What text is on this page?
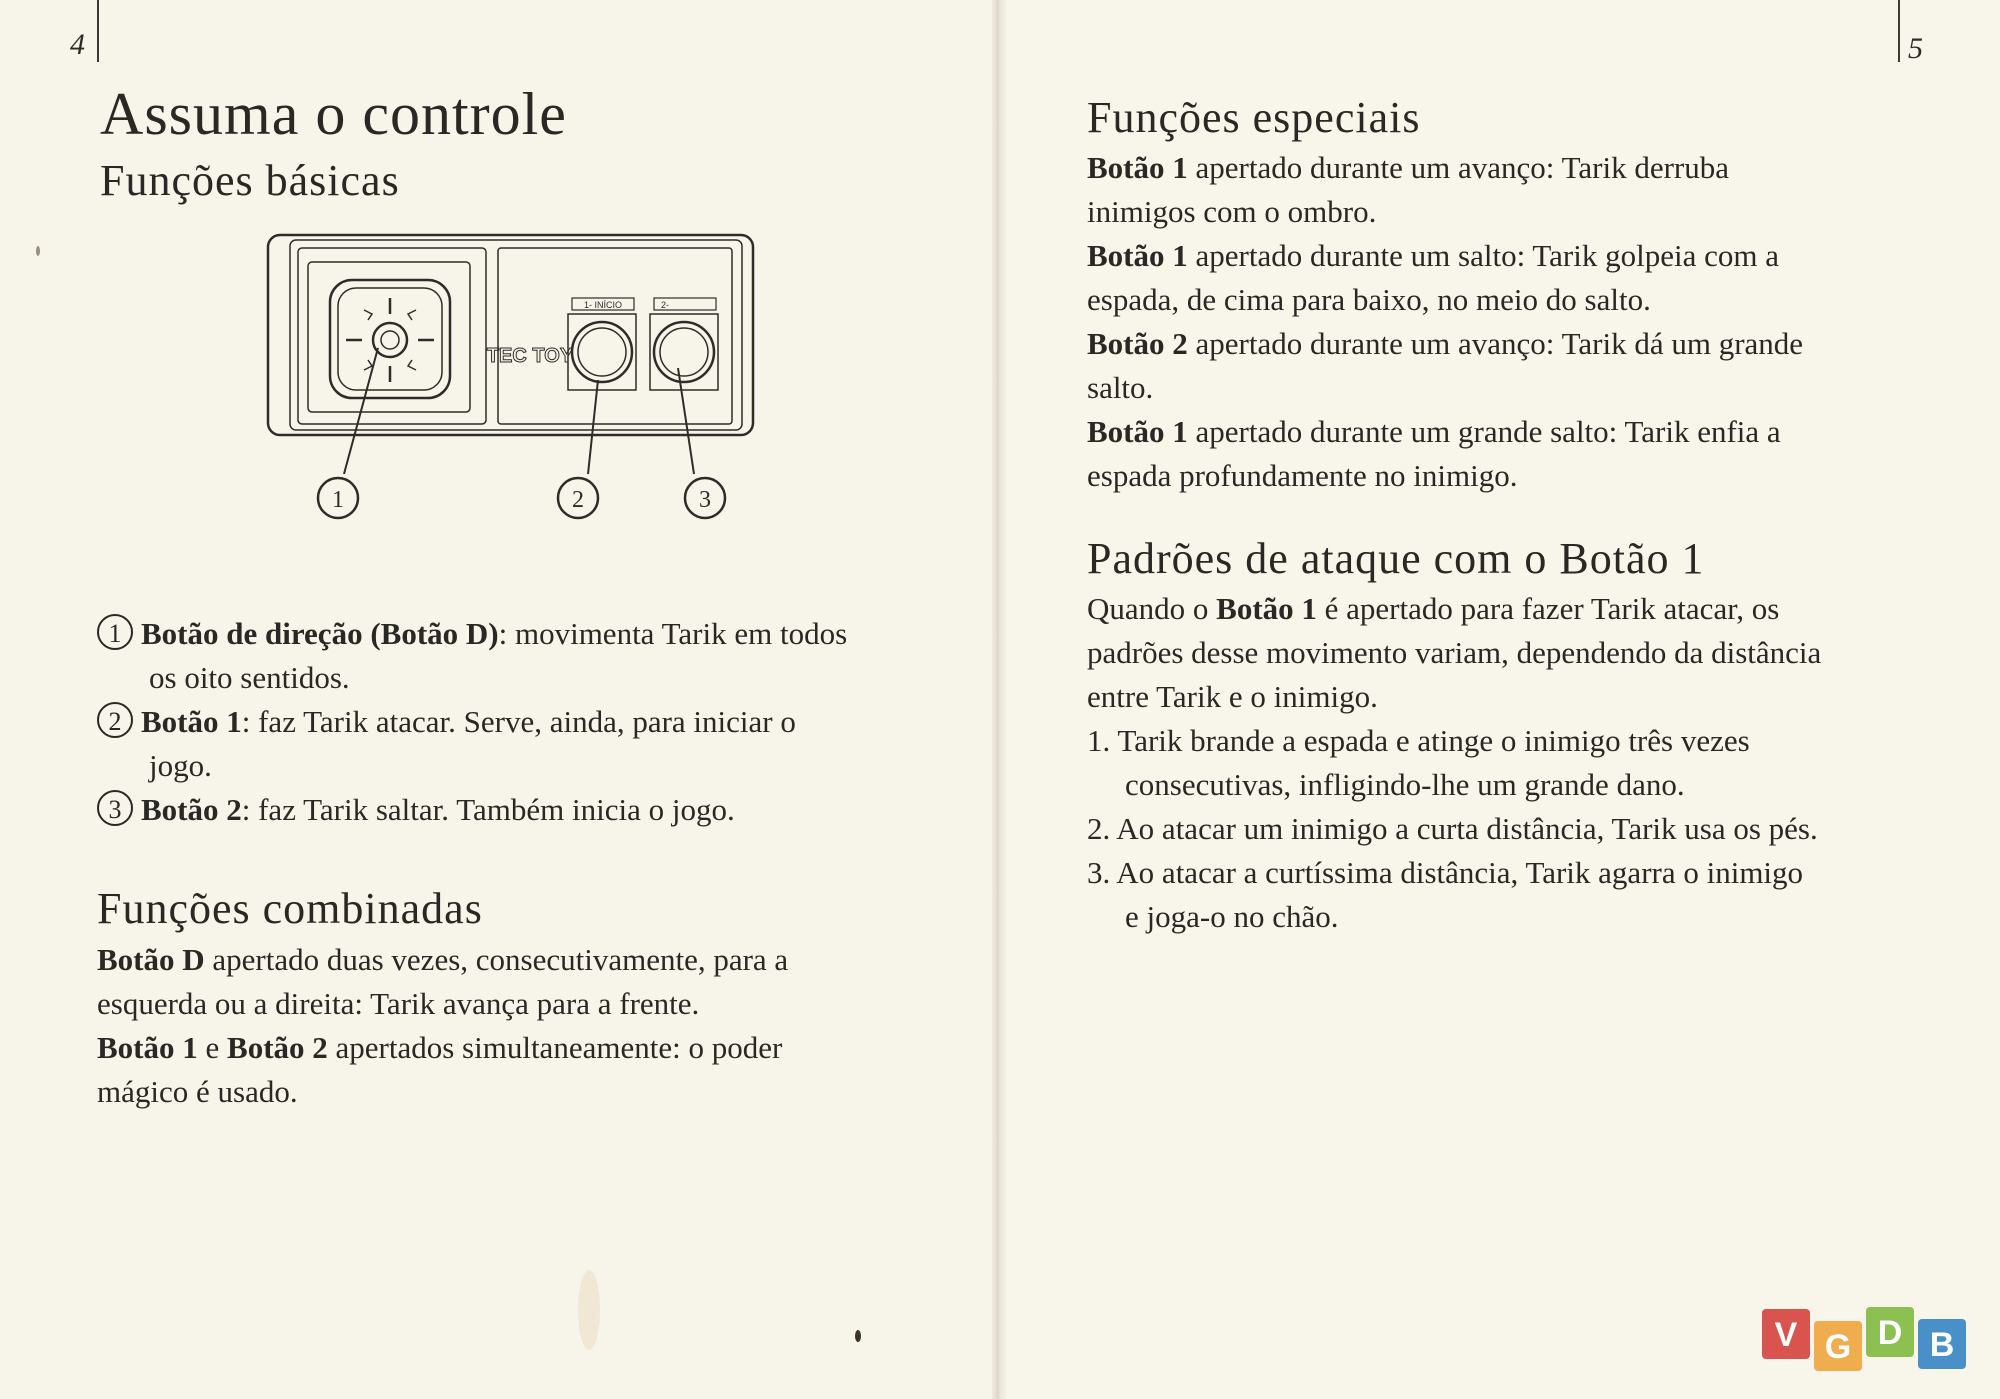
4
Assuma o controle
Funções básicas
1- INÍCIO	2-
TEC TOY
1	2	3
1 Botão de direção (Botão D): movimenta Tarik em todos
os oito sentidos.
2 Botão 1: faz Tarik atacar. Serve, ainda, para iniciar o
jogo.
3 Botão 2: faz Tarik saltar. Também inicia o jogo.
Funções combinadas
Botão D apertado duas vezes, consecutivamente, para a
esquerda ou a direita: Tarik avança para a frente.
Botão 1 e Botão 2 apertados simultaneamente: o poder
mágico é usado.
5
Funções especiais
Botão 1 apertado durante um avanço: Tarik derruba
inimigos com o ombro.
Botão 1 apertado durante um salto: Tarik golpeia com a
espada, de cima para baixo, no meio do salto.
Botão 2 apertado durante um avanço: Tarik dá um grande
salto.
Botão 1 apertado durante um grande salto: Tarik enfia a
espada profundamente no inimigo.
Padrões de ataque com o Botão 1
Quando o Botão 1 é apertado para fazer Tarik atacar, os
padrões desse movimento variam, dependendo da distância
entre Tarik e o inimigo.
1. Tarik brande a espada e atinge o inimigo três vezes
consecutivas, infligindo-lhe um grande dano.
2. Ao atacar um inimigo a curta distância, Tarik usa os pés.
3. Ao atacar a curtíssima distância, Tarik agarra o inimigo
e joga-o no chão.
V G D B
